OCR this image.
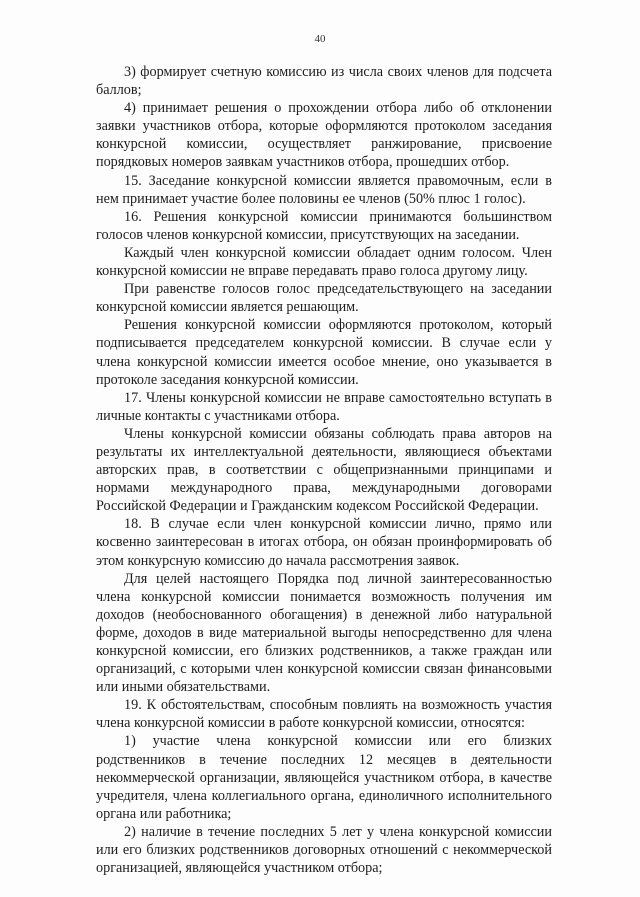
40

3) формирует счетную комиссию из числа своих членов для подсчета баллов;

4) принимает решения о прохождении отбора либо об отклонении заявки участников отбора, которые оформляются протоколом заседания конкурсной комиссии, осуществляет ранжирование, присвоение порядковых номеров заявкам участников отбора, прошедших отбор.

15. Заседание конкурсной комиссии является правомочным, если в нем принимает участие более половины ее членов (50% плюс 1 голос).

16. Решения конкурсной комиссии принимаются большинством голосов членов конкурсной комиссии, присутствующих на заседании.

Каждый член конкурсной комиссии обладает одним голосом. Член конкурсной комиссии не вправе передавать право голоса другому лицу.

При равенстве голосов голос председательствующего на заседании конкурсной комиссии является решающим.

Решения конкурсной комиссии оформляются протоколом, который подписывается председателем конкурсной комиссии. В случае если у члена конкурсной комиссии имеется особое мнение, оно указывается в протоколе заседания конкурсной комиссии.

17. Члены конкурсной комиссии не вправе самостоятельно вступать в личные контакты с участниками отбора.

Члены конкурсной комиссии обязаны соблюдать права авторов на результаты их интеллектуальной деятельности, являющиеся объектами авторских прав, в соответствии с общепризнанными принципами и нормами международного права, международными договорами Российской Федерации и Гражданским кодексом Российской Федерации.

18. В случае если член конкурсной комиссии лично, прямо или косвенно заинтересован в итогах отбора, он обязан проинформировать об этом конкурсную комиссию до начала рассмотрения заявок.

Для целей настоящего Порядка под личной заинтересованностью члена конкурсной комиссии понимается возможность получения им доходов (необоснованного обогащения) в денежной либо натуральной форме, доходов в виде материальной выгоды непосредственно для члена конкурсной комиссии, его близких родственников, а также граждан или организаций, с которыми член конкурсной комиссии связан финансовыми или иными обязательствами.

19. К обстоятельствам, способным повлиять на возможность участия члена конкурсной комиссии в работе конкурсной комиссии, относятся:

1) участие члена конкурсной комиссии или его близких родственников в течение последних 12 месяцев в деятельности некоммерческой организации, являющейся участником отбора, в качестве учредителя, члена коллегиального органа, единоличного исполнительного органа или работника;

2) наличие в течение последних 5 лет у члена конкурсной комиссии или его близких родственников договорных отношений с некоммерческой организацией, являющейся участником отбора;
